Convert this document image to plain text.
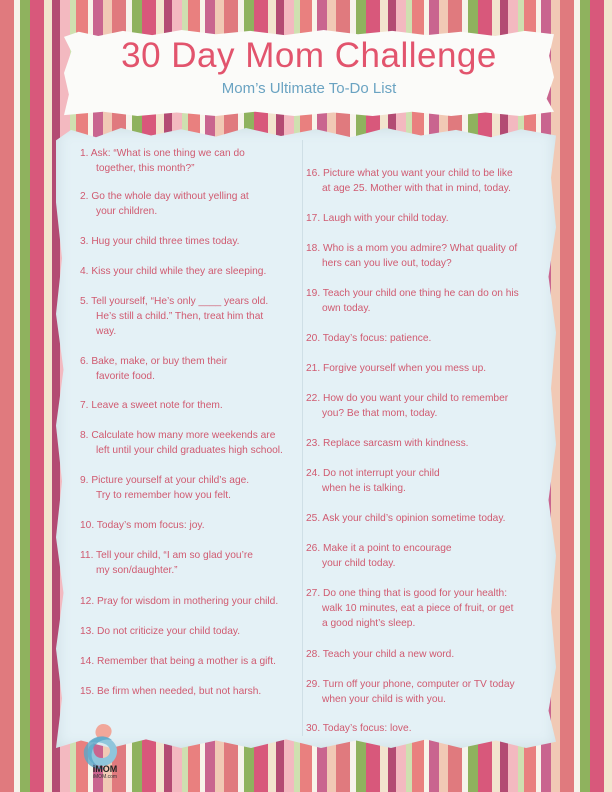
30 Day Mom Challenge
Mom’s Ultimate To-Do List
1. Ask: “What is one thing we can do
together, this month?”
2. Go the whole day without yelling at
your children.
3. Hug your child three times today.
4. Kiss your child while they are sleeping.
5. Tell yourself, “He’s only ____ years old.
He’s still a child.” Then, treat him that
way.
6. Bake, make, or buy them their
favorite food.
7. Leave a sweet note for them.
8. Calculate how many more weekends are
left until your child graduates high school.
9. Picture yourself at your child’s age.
Try to remember how you felt.
10. Today’s mom focus: joy.
11. Tell your child, “I am so glad you’re
my son/daughter.”
12. Pray for wisdom in mothering your child.
13. Do not criticize your child today.
14. Remember that being a mother is a gift.
15. Be firm when needed, but not harsh.
16. Picture what you want your child to be like
at age 25. Mother with that in mind, today.
17. Laugh with your child today.
18. Who is a mom you admire? What quality of
hers can you live out, today?
19. Teach your child one thing he can do on his
own today.
20. Today’s focus: patience.
21. Forgive yourself when you mess up.
22. How do you want your child to remember
you? Be that mom, today.
23. Replace sarcasm with kindness.
24. Do not interrupt your child
when he is talking.
25. Ask your child’s opinion sometime today.
26. Make it a point to encourage
your child today.
27. Do one thing that is good for your health:
walk 10 minutes, eat a piece of fruit, or get
a good night’s sleep.
28. Teach your child a new word.
29. Turn off your phone, computer or TV today
when your child is with you.
30. Today’s focus: love.
iMOM
iMOM.com
